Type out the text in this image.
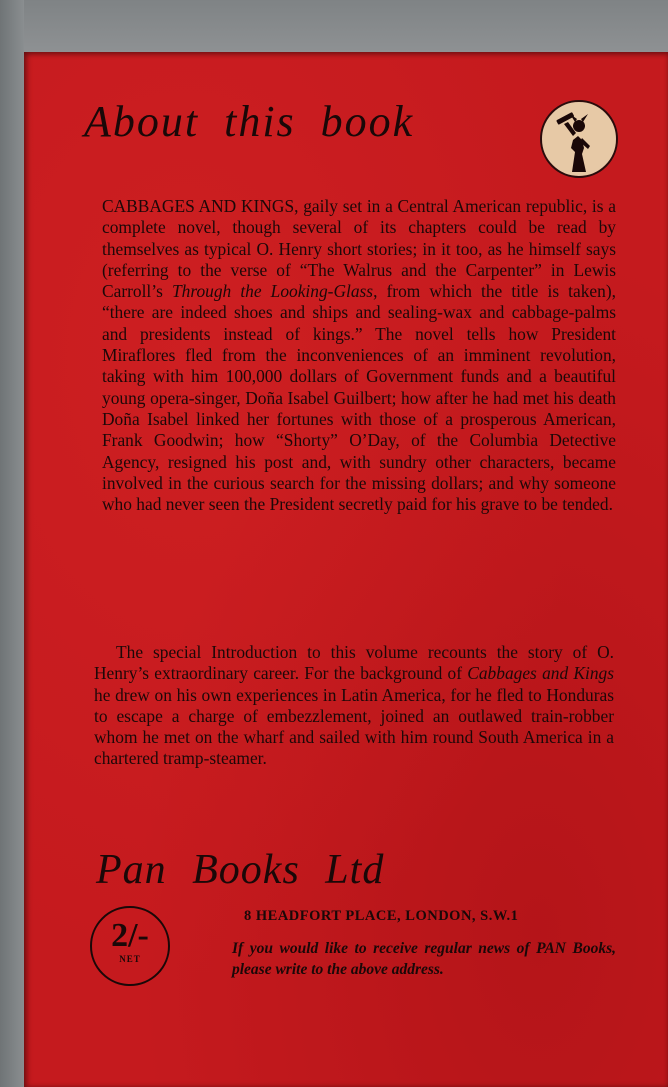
About this book

CABBAGES AND KINGS, gaily set in a Central American republic, is a complete novel, though several of its chapters could be read by themselves as typical O. Henry short stories; in it too, as he himself says (referring to the verse of “The Walrus and the Carpenter” in Lewis Carroll’s Through the Looking-Glass, from which the title is taken), “there are indeed shoes and ships and sealing-wax and cabbage-palms and presidents instead of kings.” The novel tells how President Miraflores fled from the inconveniences of an imminent revolution, taking with him 100,000 dollars of Government funds and a beautiful young opera-singer, Doña Isabel Guilbert; how after he had met his death Doña Isabel linked her fortunes with those of a prosperous American, Frank Goodwin; how “Shorty” O’Day, of the Columbia Detective Agency, resigned his post and, with sundry other characters, became involved in the curious search for the missing dollars; and why someone who had never seen the President secretly paid for his grave to be tended.

The special Introduction to this volume recounts the story of O. Henry’s extraordinary career. For the background of Cabbages and Kings he drew on his own experiences in Latin America, for he fled to Honduras to escape a charge of embezzlement, joined an outlawed train-robber whom he met on the wharf and sailed with him round South America in a chartered tramp-steamer.

Pan Books Ltd
2/-
NET
8 HEADFORT PLACE, LONDON, S.W.1

If you would like to receive regular news of PAN Books, please write to the above address.
